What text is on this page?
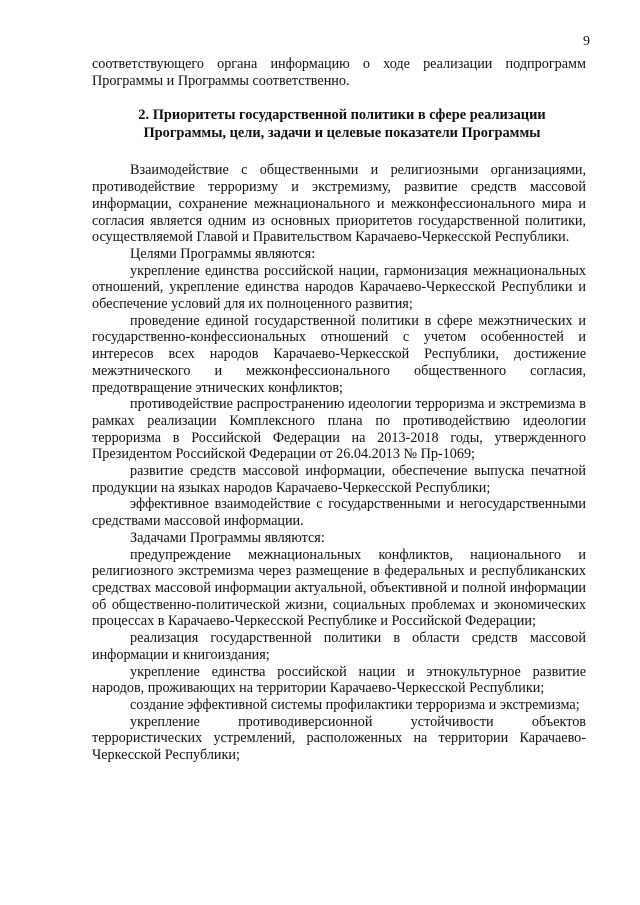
9

соответствующего органа информацию о ходе реализации подпрограмм Программы и Программы соответственно.

2. Приоритеты государственной политики в сфере реализации Программы, цели, задачи и целевые показатели Программы

Взаимодействие с общественными и религиозными организациями, противодействие терроризму и экстремизму, развитие средств массовой информации, сохранение межнационального и межконфессионального мира и согласия является одним из основных приоритетов государственной политики, осуществляемой Главой и Правительством Карачаево-Черкесской Республики.

Целями Программы являются:

укрепление единства российской нации, гармонизация межнациональных отношений, укрепление единства народов Карачаево-Черкесской Республики и обеспечение условий для их полноценного развития;

проведение единой государственной политики в сфере межэтнических и государственно-конфессиональных отношений с учетом особенностей и интересов всех народов Карачаево-Черкесской Республики, достижение межэтнического и межконфессионального общественного согласия, предотвращение этнических конфликтов;

противодействие распространению идеологии терроризма и экстремизма в рамках реализации Комплексного плана по противодействию идеологии терроризма в Российской Федерации на 2013-2018 годы, утвержденного Президентом Российской Федерации от 26.04.2013 № Пр-1069;

развитие средств массовой информации, обеспечение выпуска печатной продукции на языках народов Карачаево-Черкесской Республики;

эффективное взаимодействие с государственными и негосударственными средствами массовой информации.

Задачами Программы являются:

предупреждение межнациональных конфликтов, национального и религиозного экстремизма через размещение в федеральных и республиканских средствах массовой информации актуальной, объективной и полной информации об общественно-политической жизни, социальных проблемах и экономических процессах в Карачаево-Черкесской Республике и Российской Федерации;

реализация государственной политики в области средств массовой информации и книгоиздания;

укрепление единства российской нации и этнокультурное развитие народов, проживающих на территории Карачаево-Черкесской Республики;

создание эффективной системы профилактики терроризма и экстремизма;

укрепление противодиверсионной устойчивости объектов террористических устремлений, расположенных на территории Карачаево-Черкесской Республики;
